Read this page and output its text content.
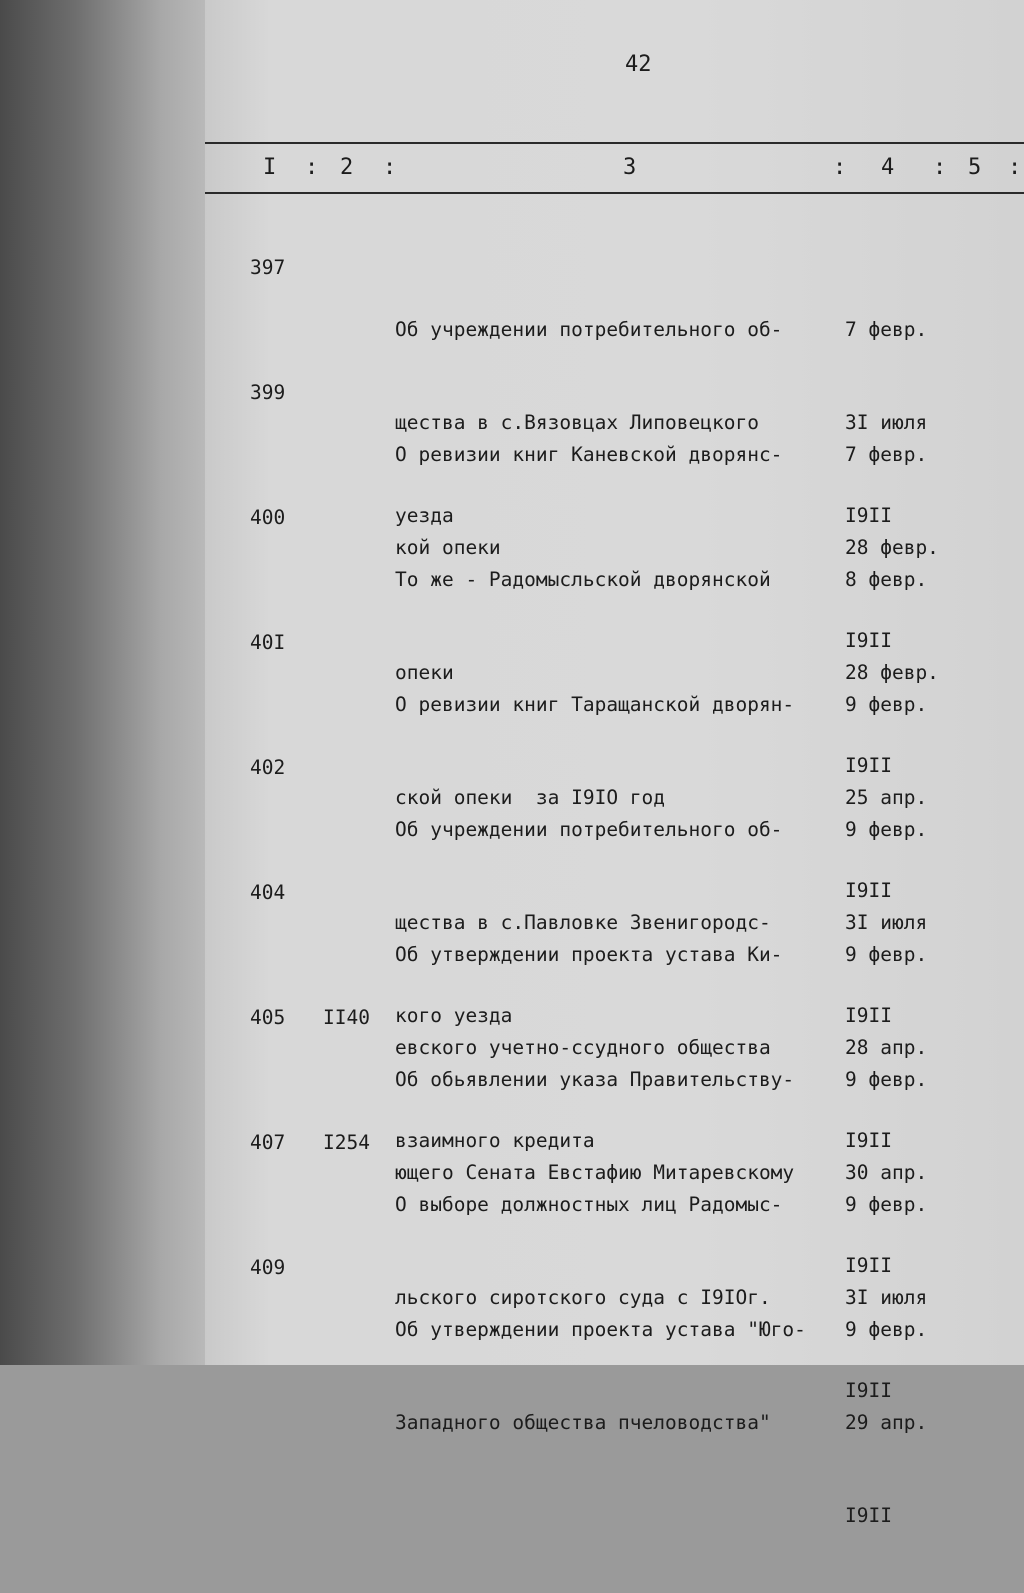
42
I : 2 :	3	: 4 : 5 :
397

Об учреждении потребительного об-

щества в с.Вязовцах Липовецкого

уезда

7 февр.

3I июля

I9II

399

О ревизии книг Каневской дворянс-

кой опеки

7 февр.

28 февр.

I9II

400

То же - Радомысльской дворянской

опеки

8 февр.

28 февр.

I9II

40I

О ревизии книг Таращанской дворян-

ской опеки  за I9IO год

9 февр.

25 апр.

I9II

402

Об учреждении потребительного об-

щества в с.Павловке Звенигородс-

кого уезда

9 февр.

3I июля

I9II

404

Об утверждении проекта устава Ки-

евского учетно-ссудного общества

взаимного кредита

9 февр.

28 апр.

I9II

405 II40

Об обьявлении указа Правительству-

ющего Сената Евстафию Митаревскому

9 февр.

30 апр.

I9II

407 I254

О выборе должностных лиц Радомыс-

льского сиротского суда с I9IOг.

9 февр.

3I июля

I9II

409

Об утверждении проекта устава "Юго-

Западного общества пчеловодства"

9 февр.

29 апр.

I9II
